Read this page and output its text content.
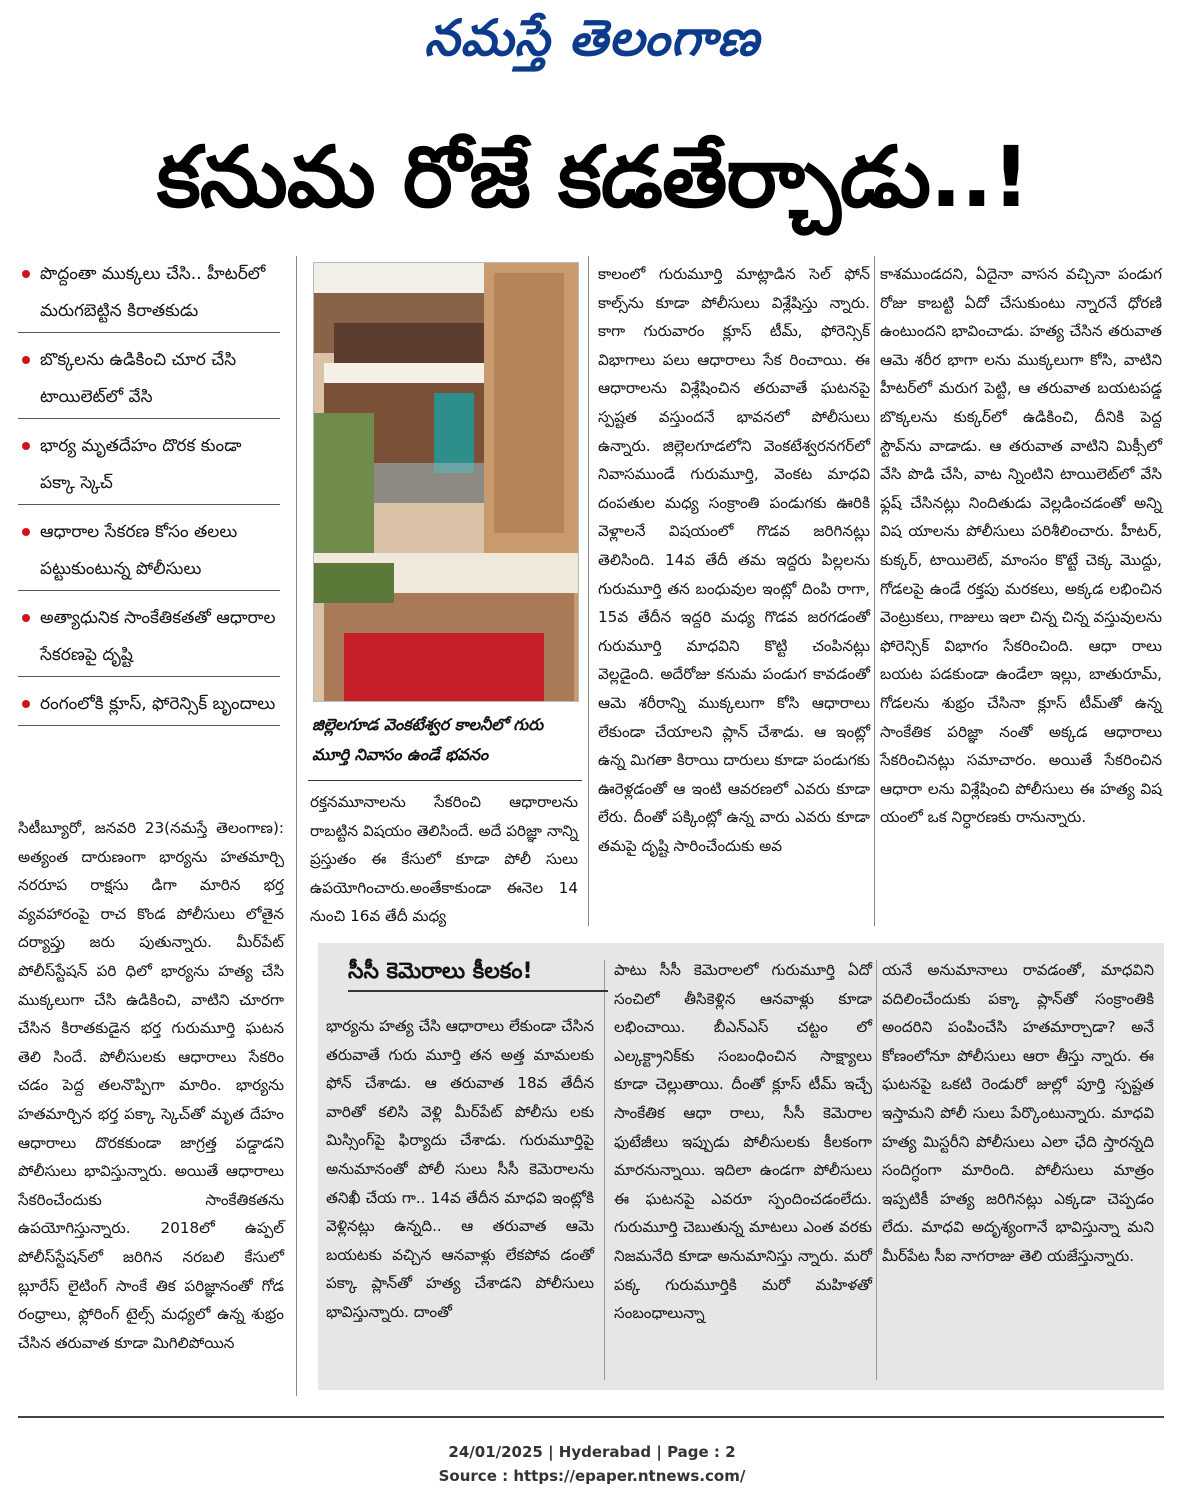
నమస్తే తెలంగాణ
కనుమ రోజే కడతేర్చాడు..!
పొద్దంతా ముక్కలు చేసి.. హీటర్‌లో మరుగబెట్టిన కిరాతకుడు
బొక్కలను ఉడికించి చూర చేసి టాయిలెట్‌లో వేసి
భార్య మృతదేహం దొరక కుండా పక్కా స్కెచ్
ఆధారాల సేకరణ కోసం తలలు పట్టుకుంటున్న పోలీసులు
అత్యాధునిక సాంకేతికతతో ఆధారాల సేకరణపై దృష్టి
రంగంలోకి క్లూస్, ఫోరెన్సిక్ బృందాలు
జిల్లెలగూడ వెంకటేశ్వర కాలనీలో గురు మూర్తి నివాసం ఉండే భవనం
రక్తనమూనాలను సేకరించి ఆధారాలను రాబట్టిన విషయం తెలిసిందే. అదే పరిజ్ఞా నాన్ని ప్రస్తుతం ఈ కేసులో కూడా పోలీ సులు ఉపయోగించారు.అంతేకాకుండా ఈనెల 14 నుంచి 16వ తేదీ మధ్య
సిటీబ్యూరో, జనవరి 23(నమస్తే తెలంగాణ): అత్యంత దారుణంగా భార్యను హతమార్చి నరరూప రాక్షసు డిగా మారిన భర్త వ్యవహారంపై రాచ కొండ పోలీసులు లోతైన దర్యాప్తు జరు పుతున్నారు. మీర్‌పేట్ పోలీస్‌స్టేషన్ పరి ధిలో భార్యను హత్య చేసి ముక్కలుగా చేసి ఉడికించి, వాటిని చూరగా చేసిన కిరాతకుడైన భర్త గురుమూర్తి ఘటన తెలి సిందే. పోలీసులకు ఆధారాలు సేకరిం చడం పెద్ద తలనొప్పిగా మారిం. భార్యను హతమార్చిన భర్త పక్కా స్కెచ్‌తో మృత దేహం ఆధారాలు దొరకకుండా జాగ్రత్త పడ్డాడని పోలీసులు భావిస్తున్నారు. అయితే ఆధారాలు సేకరించేందుకు సాంకేతికతను ఉపయోగిస్తున్నారు. 2018లో ఉప్పల్ పోలీస్‌స్టేషన్‌లో జరిగిన నరబలి కేసులో బ్లూరేస్ లైటింగ్ సాంకే తిక పరిజ్ఞానంతో గోడ రంధ్రాలు, ఫ్లోరింగ్ టైల్స్ మధ్యలో ఉన్న శుభ్రం చేసిన తరువాత కూడా మిగిలిపోయిన
కాలంలో గురుమూర్తి మాట్లాడిన సెల్ ఫోన్ కాల్స్‌ను కూడా పోలీసులు విశ్లేషిస్తు న్నారు. కాగా గురువారం క్లూస్ టీమ్, ఫోరెన్సిక్ విభాగాలు పలు ఆధారాలు సేక రించాయి. ఈ ఆధారాలను విశ్లేషించిన తరువాతే ఘటనపై స్పష్టత వస్తుందనే భావనలో పోలీసులు ఉన్నారు. జిల్లెలగూడలోని వెంకటేశ్వరనగర్‌లో నివాసముండే గురుమూర్తి, వెంకట మాధవి దంపతుల మధ్య సంక్రాంతి పండుగకు ఊరికి వెళ్లాలనే విషయంలో గొడవ జరిగినట్లు తెలిసింది. 14వ తేదీ తమ ఇద్దరు పిల్లలను గురుమూర్తి తన బంధువుల ఇంట్లో దింపి రాగా, 15వ తేదీన ఇద్దరి మధ్య గొడవ జరగడంతో గురుమూర్తి మాధవిని కొట్టి చంపినట్లు వెల్లడైంది. అదేరోజు కనుమ పండుగ కావడంతో ఆమె శరీరాన్ని ముక్కలుగా కోసి ఆధారాలు లేకుండా చేయాలని ప్లాన్ చేశాడు. ఆ ఇంట్లో ఉన్న మిగతా కిరాయి దారులు కూడా పండుగకు ఊరెళ్లడంతో ఆ ఇంటి ఆవరణలో ఎవరు కూడా లేరు. దీంతో పక్కింట్లో ఉన్న వారు ఎవరు కూడా తమపై దృష్టి సారించేందుకు అవ
కాశముండదని, ఏదైనా వాసన వచ్చినా పండుగ రోజు కాబట్టి ఏదో చేసుకుంటు న్నారనే ధోరణి ఉంటుందని భావించాడు. హత్య చేసిన తరువాత ఆమె శరీర భాగా లను ముక్కలుగా కోసి, వాటిని హీటర్‌లో మరుగ పెట్టి, ఆ తరువాత బయటపడ్డ బొక్కలను కుక్కర్‌లో ఉడికించి, దీనికి పెద్ద స్టౌవ్‌ను వాడాడు. ఆ తరువాత వాటిని మిక్సీలో వేసి పొడి చేసి, వాట న్నింటిని టాయిలెట్‌లో వేసి ఫ్లష్ చేసినట్లు నిందితుడు వెల్లడించడంతో అన్ని విష యాలను పోలీసులు పరిశీలించారు. హీటర్, కుక్కర్, టాయిలెట్, మాంసం కొట్టే చెక్క మొద్దు, గోడలపై ఉండే రక్తపు మరకలు, అక్కడ లభించిన వెంట్రుకలు, గాజులు ఇలా చిన్న చిన్న వస్తువులను ఫోరెన్సిక్ విభాగం సేకరించింది. ఆధా రాలు బయట పడకుండా ఉండేలా ఇల్లు, బాతురూమ్, గోడలను శుభ్రం చేసినా క్లూస్ టీమ్‌తో ఉన్న సాంకేతిక పరిజ్ఞా నంతో అక్కడ ఆధారాలు సేకరించినట్లు సమాచారం. అయితే సేకరించిన ఆధారా లను విశ్లేషించి పోలీసులు ఈ హత్య విష యంలో ఒక నిర్ధారణకు రానున్నారు.
సీసీ కెమెరాలు కీలకం!
భార్యను హత్య చేసి ఆధారాలు లేకుండా చేసిన తరువాతే గురు మూర్తి తన అత్త మామలకు ఫోన్ చేశాడు. ఆ తరువాత 18వ తేదీన వారితో కలిసి వెళ్లి మీర్‌పేట్ పోలీసు లకు మిస్సింగ్‌పై ఫిర్యాదు చేశాడు. గురుమూర్తిపై అనుమానంతో పోలీ సులు సీసీ కెమెరాలను తనిఖీ చేయ గా.. 14వ తేదీన మాధవి ఇంట్లోకి వెళ్లినట్లు ఉన్నది.. ఆ తరువాత ఆమె బయటకు వచ్చిన ఆనవాళ్లు లేకపోవ డంతో పక్కా ప్లాన్‌తో హత్య చేశాడని పోలీసులు భావిస్తున్నారు. దాంతో
పాటు సీసీ కెమెరాలలో గురుమూర్తి ఏదో సంచిలో తీసికెళ్లిన ఆనవాళ్లు కూడా లభించాయి. బీఎన్ఎస్ చట్టం లో ఎల్కక్ట్రానిక్‌కు సంబంధించిన సాక్ష్యాలు కూడా చెల్లుతాయి. దీంతో క్లూస్ టీమ్ ఇచ్చే సాంకేతిక ఆధా రాలు, సీసీ కెమెరాల ఫుటేజీలు ఇప్పుడు పోలీసులకు కీలకంగా మారనున్నాయి. ఇదిలా ఉండగా పోలీసులు ఈ ఘటనపై ఎవరూ స్పందించడంలేదు. గురుమూర్తి చెబుతున్న మాటలు ఎంత వరకు నిజమనేది కూడా అనుమానిస్తు న్నారు. మరో పక్క గురుమూర్తికి మరో మహిళతో సంబంధాలున్నా
యనే అనుమానాలు రావడంతో, మాధవిని వదిలించేందుకు పక్కా ప్లాన్‌తో సంక్రాంతికి అందరిని పంపించేసి హతమార్చాడా? అనే కోణంలోనూ పోలీసులు ఆరా తీస్తు న్నారు. ఈ ఘటనపై ఒకటి రెండురో జుల్లో పూర్తి స్పష్టత ఇస్తామని పోలీ సులు పేర్కొంటున్నారు. మాధవి హత్య మిస్టరీని పోలీసులు ఎలా ఛేది స్తారన్నది సందిగ్ధంగా మారింది. పోలీసులు మాత్రం ఇప్పటికీ హత్య జరిగినట్లు ఎక్కడా చెప్పడం లేదు. మాధవి అదృశ్యంగానే భావిస్తున్నా మని మీర్‌పేట సీఐ నాగరాజు తెలి యజేస్తున్నారు.
24/01/2025 | Hyderabad | Page : 2
Source : https://epaper.ntnews.com/
